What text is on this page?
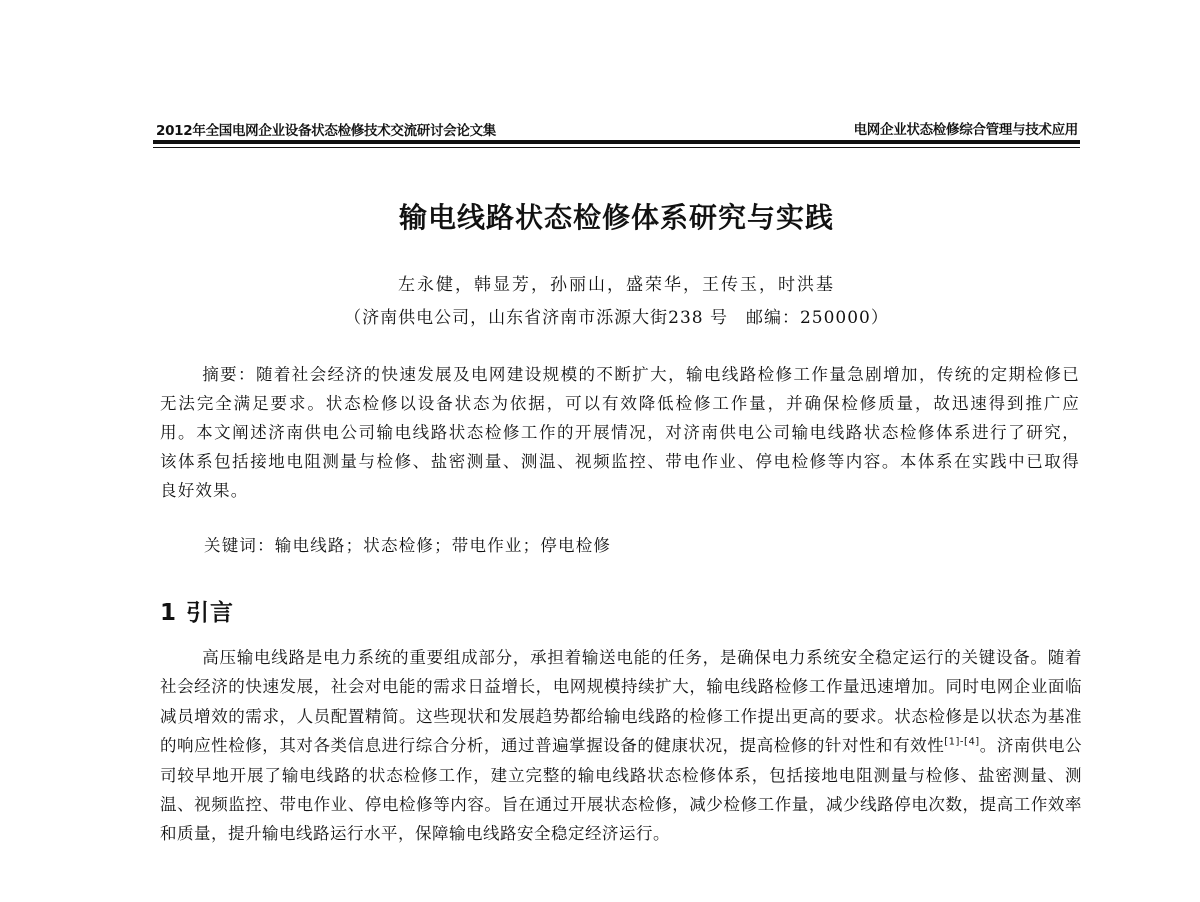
2012年全国电网企业设备状态检修技术交流研讨会论文集	电网企业状态检修综合管理与技术应用
输电线路状态检修体系研究与实践
左永健，韩显芳，孙丽山，盛荣华，王传玉，时洪基
（济南供电公司，山东省济南市泺源大街238 号　邮编：250000）
摘要：随着社会经济的快速发展及电网建设规模的不断扩大，输电线路检修工作量急剧增加，传统的定期检修已无法完全满足要求。状态检修以设备状态为依据，可以有效降低检修工作量，并确保检修质量，故迅速得到推广应用。本文阐述济南供电公司输电线路状态检修工作的开展情况，对济南供电公司输电线路状态检修体系进行了研究，该体系包括接地电阻测量与检修、盐密测量、测温、视频监控、带电作业、停电检修等内容。本体系在实践中已取得良好效果。
关键词：输电线路；状态检修；带电作业；停电检修
1 引言
高压输电线路是电力系统的重要组成部分，承担着输送电能的任务，是确保电力系统安全稳定运行的关键设备。随着社会经济的快速发展，社会对电能的需求日益增长，电网规模持续扩大，输电线路检修工作量迅速增加。同时电网企业面临减员增效的需求，人员配置精简。这些现状和发展趋势都给输电线路的检修工作提出更高的要求。状态检修是以状态为基准的响应性检修，其对各类信息进行综合分析，通过普遍掌握设备的健康状况，提高检修的针对性和有效性[1]-[4]。济南供电公司较早地开展了输电线路的状态检修工作，建立完整的输电线路状态检修体系，包括接地电阻测量与检修、盐密测量、测温、视频监控、带电作业、停电检修等内容。旨在通过开展状态检修，减少检修工作量，减少线路停电次数，提高工作效率和质量，提升输电线路运行水平，保障输电线路安全稳定经济运行。
